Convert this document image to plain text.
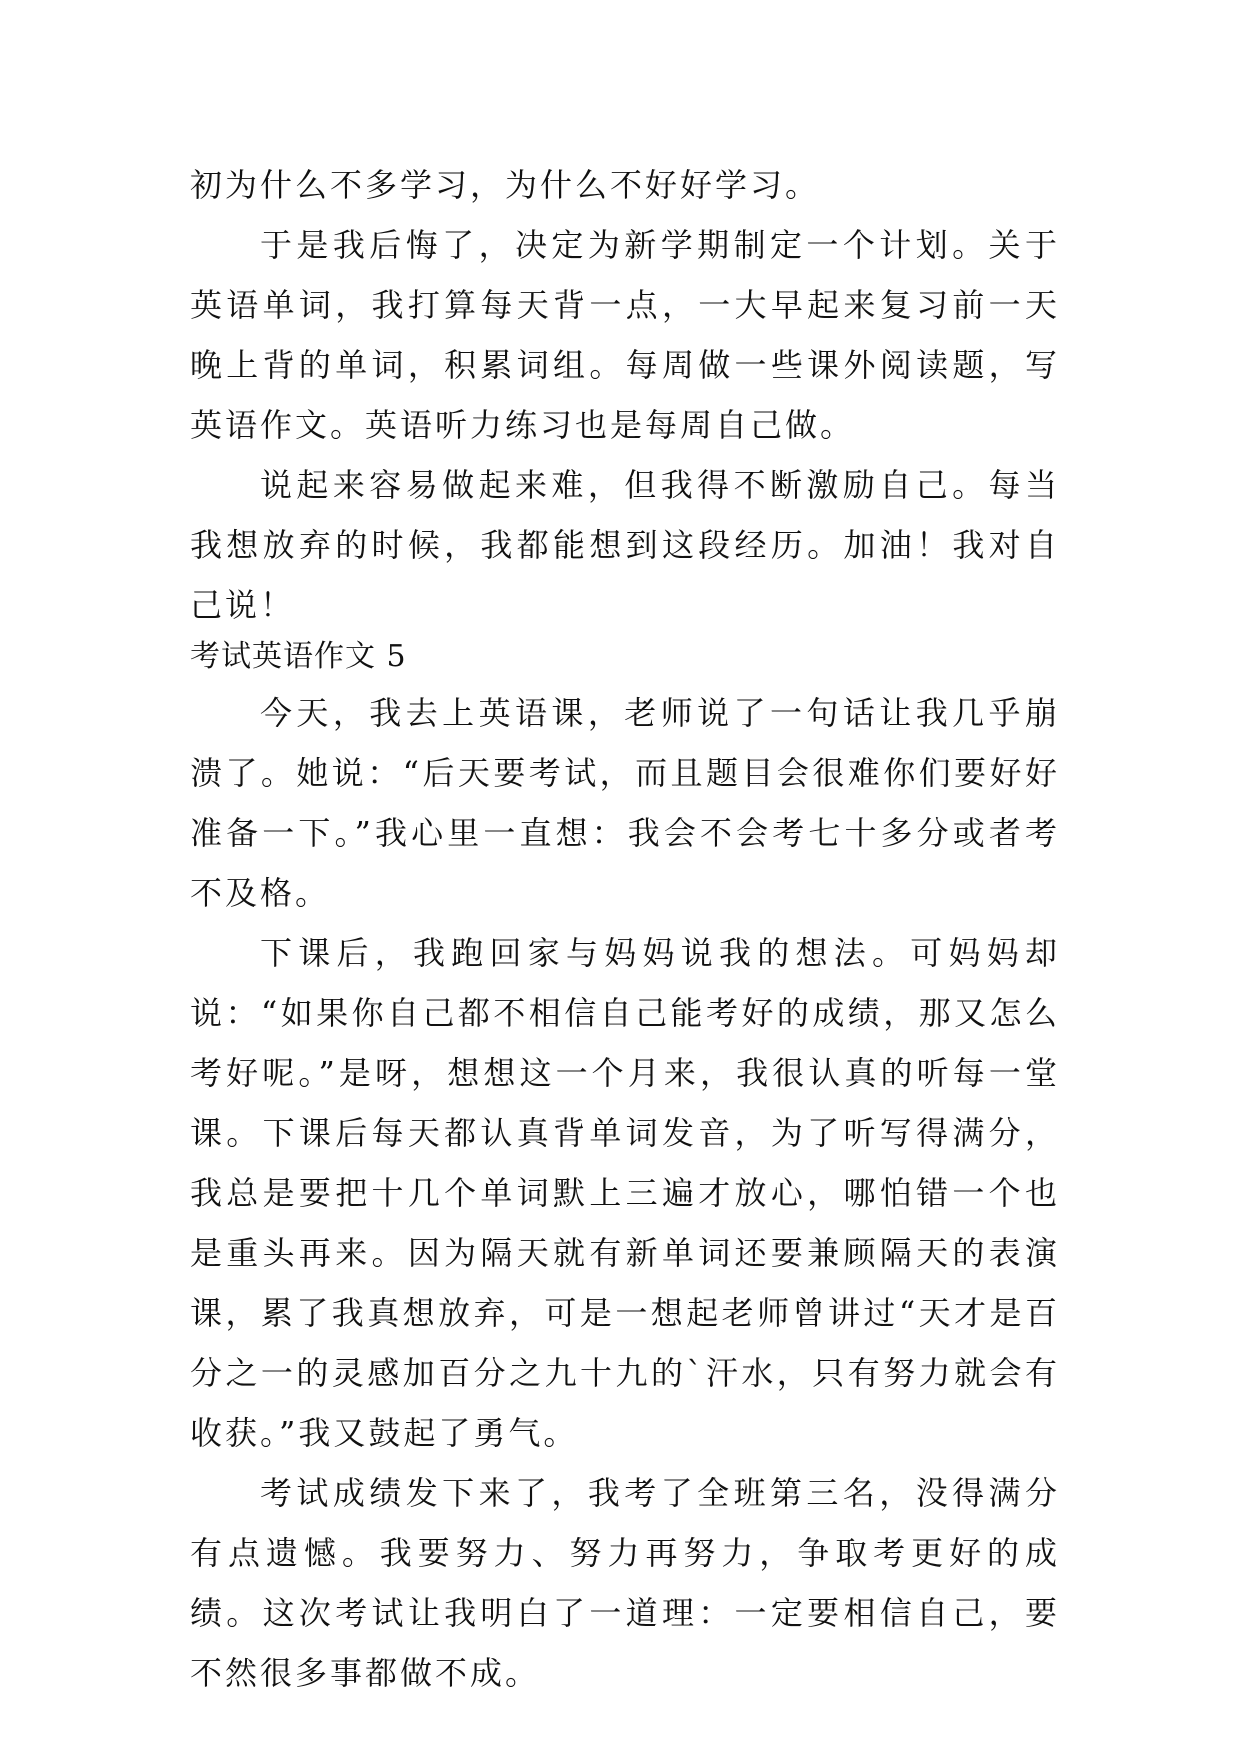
初为什么不多学习，为什么不好好学习。

于是我后悔了，决定为新学期制定一个计划。关于英语单词，我打算每天背一点，一大早起来复习前一天晚上背的单词，积累词组。每周做一些课外阅读题，写英语作文。英语听力练习也是每周自己做。

说起来容易做起来难，但我得不断激励自己。每当我想放弃的时候，我都能想到这段经历。加油！我对自己说！

考试英语作文 5

今天，我去上英语课，老师说了一句话让我几乎崩溃了。她说：“后天要考试，而且题目会很难你们要好好准备一下。”我心里一直想：我会不会考七十多分或者考不及格。

下课后，我跑回家与妈妈说我的想法。可妈妈却说：“如果你自己都不相信自己能考好的成绩，那又怎么考好呢。”是呀，想想这一个月来，我很认真的听每一堂课。下课后每天都认真背单词发音，为了听写得满分，我总是要把十几个单词默上三遍才放心，哪怕错一个也是重头再来。因为隔天就有新单词还要兼顾隔天的表演课，累了我真想放弃，可是一想起老师曾讲过“天才是百分之一的灵感加百分之九十九的`汗水，只有努力就会有收获。”我又鼓起了勇气。

考试成绩发下来了，我考了全班第三名，没得满分有点遗憾。我要努力、努力再努力，争取考更好的成绩。这次考试让我明白了一道理：一定要相信自己，要不然很多事都做不成。
